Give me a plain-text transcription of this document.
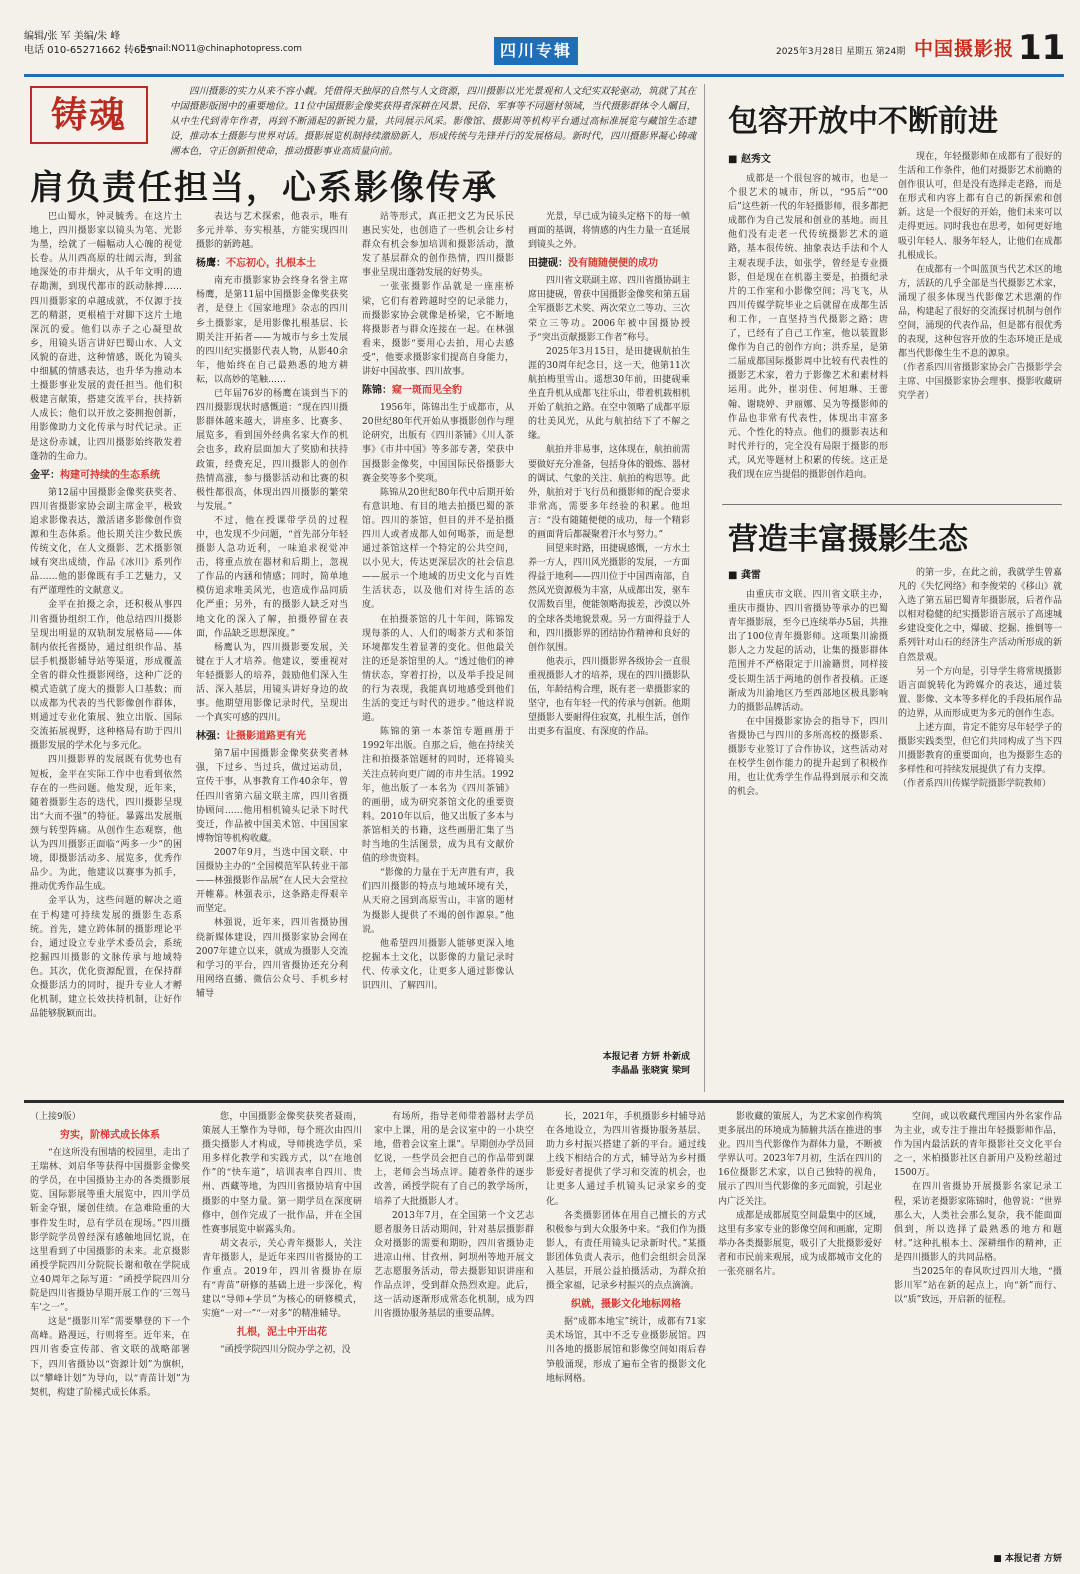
编辑/张 军 美编/朱 峰
电话 010-65271662 转625
E-mail:NO11@chinaphotopress.com	四川专辑	2025年3月28日 星期五 第24期 中国摄影报 11
铸魂
四川摄影的实力从来不容小觑。凭借得天独厚的自然与人文资源，四川摄影以光光景观和人文纪实双轮驱动，筑就了其在中国摄影版图中的重要地位。11位中国摄影金像奖获得者深耕在风景、民俗、军事等不同题材领域，当代摄影群体令人瞩目，从中生代到青年作者，再到不断涌起的新锐力量，共同展示风采。影像馆、摄影周等机构平台通过高标准展览与藏馆生态建设，推动本土摄影与世界对话。摄影展览机制持续激励新人，形成传统与先锋并行的发展格局。新时代，四川摄影界凝心铸魂溯本色，守正创新担使命，推动摄影事业高质量向前。
肩负责任担当，心系影像传承

巴山蜀水，钟灵毓秀。在这片土地上，四川摄影家以镜头为笔、光影为墨，绘就了一幅幅动人心魄的视觉长卷。从川西高原的壮阔云海，到盆地深处的市井烟火，从千年文明的遗存勘测，到现代都市的跃动脉搏……四川摄影家的卓越成就，不仅源于技艺的精湛，更根植于对脚下这片土地深沉的爱。他们以赤子之心凝望故乡，用镜头语言讲好巴蜀山水、人文风貌的奋进，这种情感，既化为镜头中细腻的情感表达，也升华为推动本土摄影事业发展的责任担当。他们积极建言献策，搭建交流平台，扶持新人成长；他们以开放之姿拥抱创新，用影像助力文化传承与时代记录。正是这份赤诚，让四川摄影始终散发着蓬勃的生命力。

金平：构建可持续的生态系统

第12届中国摄影金像奖获奖者、四川省摄影家协会副主席金平，极致追求影像表达，激活诸多影像创作资源和生态体系。他长期关注少数民族传统文化，在人文摄影、艺术摄影领域有突出成绩，作品《冰川》系列作品……他的影像既有手工艺魅力，又有严谨理性的文献意义。

金平在拍摄之余，还积极从事四川省摄协组织工作，他总结四川摄影呈现出明显的双轨制发展格局——体制内依托省摄协，通过组织作品、基层手机摄影辅导站等渠道，形成覆盖全省的群众性摄影网络，这种广泛的模式造就了庞大的摄影人口基数；而以成都为代表的当代影像创作群体，则通过专业化策展、独立出版、国际交流拓展视野，这种格局有助于四川摄影发展的学术化与多元化。

四川摄影界的发展既有优势也有短板，金平在实际工作中也看到依然存在的一些问题。他发现，近年来，随着摄影生态的迭代，四川摄影呈现出“大而不强”的特征。暴露出发展瓶颈与转型阵痛。从创作生态观察，他认为四川摄影正面临“两多一少”的困境，即摄影活动多、展览多，优秀作品少。为此，他建议以赛事为抓手，推动优秀作品生成。

金平认为，这些问题的解决之道在于构建可持续发展的摄影生态系统。首先，建立跨体制的摄影理论平台，通过设立专业学术委员会，系统挖掘四川摄影的文脉传承与地域特色。其次，优化资源配置，在保持群众摄影活力的同时，提升专业人才孵化机制，建立长效扶持机制，让好作品能够脱颖而出。

表达与艺术探索，他表示，唯有多元并举、夯实根基，方能实现四川摄影的新跨越。

杨鹰：不忘初心，扎根本土

南充市摄影家协会终身名誉主席杨鹰，是第11届中国摄影金像奖获奖者，是登上《国家地理》杂志的四川乡土摄影家，是用影像扎根基层、长期关注开拓者——为城市与乡土发展的四川纪实摄影代表人物，从影40余年，他始终在自己最熟悉的地方耕耘，以高妙的笔触……

已年届76岁的杨鹰在谈到当下的四川摄影现状时感慨道：“现在四川摄影群体越来越大，讲座多、比赛多、展览多，看到国外经典名家大作的机会也多，政府层面加大了奖励和扶持政策，经费充足，四川摄影人的创作热情高涨，参与摄影活动和比赛的积极性都很高，体现出四川摄影的繁荣与发展。”

不过，他在授课带学员的过程中，也发现不少问题，“首先部分年轻摄影人急功近利，一味追求视觉冲击，将重点放在器材和后期上，忽视了作品的内涵和情感；同时，简单地模仿追求唯美风光，也造成作品同质化严重；另外，有的摄影人缺乏对当地文化的深入了解，拍摄停留在表面，作品缺乏思想深度。”

杨鹰认为，四川摄影要发展，关键在于人才培养。他建议，要重视对年轻摄影人的培养，鼓励他们深入生活、深入基层，用镜头讲好身边的故事。他期望用影像记录时代，呈现出一个真实可感的四川。

林强：让摄影道路更有光

第7届中国摄影金像奖获奖者林强，下过乡、当过兵，做过运动员，宣传干事，从事教育工作40余年，曾任四川省第六届文联主席，四川省摄协顾问……他用相机镜头记录下时代变迁，作品被中国美术馆、中国国家博物馆等机构收藏。

2007年9月，当选中国文联、中国摄协主办的“全国模范军队转业干部——林强摄影作品展”在人民大会堂拉开帷幕。林强表示，这条路走得艰辛而坚定。

林强说，近年来，四川省摄协围绕新媒体建设，四川摄影家协会网在2007年建立以来，就成为摄影人交流和学习的平台，四川省摄协还充分利用网络直播、微信公众号、手机乡村辅导

站等形式，真正把文艺为民乐民惠民实处，也创造了一些机会让乡村群众有机会参加培训和摄影活动，激发了基层群众的创作热情，四川摄影事业呈现出蓬勃发展的好势头。

一张张摄影作品就是一座座桥梁，它们有着跨越时空的记录能力，而摄影家协会就像是桥梁，它不断地将摄影者与群众连接在一起。在林强看来，摄影“要用心去拍，用心去感受”，他要求摄影家们提高自身能力，讲好中国故事、四川故事。

陈锦：窥一斑而见全豹

1956年，陈锦出生于成都市，从20世纪80年代开始从事摄影创作与理论研究，出版有《四川茶铺》《川人茶事》《市井中国》等多部专著，荣获中国摄影金像奖，中国国际民俗摄影大赛金奖等多个奖项。

陈锦从20世纪80年代中后期开始有意识地、有目的地去拍摄巴蜀的茶馆。四川的茶馆，但目的并不是拍摄四川人或者成都人如何喝茶，而是想通过茶馆这样一个特定的公共空间，以小见大，传达更深层次的社会信息——展示一个地域的历史文化与百姓生活状态，以及他们对待生活的态度。

在拍摄茶馆的几十年间，陈锦发现每茶的人、人们的喝茶方式和茶馆环境都发生着显著的变化。但他最关注的还是茶馆里的人。“透过他们的神情状态，穿着打扮，以及举手投足间的行为表现，我能真切地感受到他们生活的变迁与时代的进步。”他这样说道。

陈锦的第一本茶馆专题画册于1992年出版。自那之后，他在持续关注和拍摄茶馆题材的同时，还将镜头关注点转向更广阔的市井生活。1992年，他出版了一本名为《四川茶铺》的画册，成为研究茶馆文化的重要资料。2010年以后，他又出版了多本与茶馆相关的书籍，这些画册汇集了当时当地的生活图景，成为具有文献价值的珍贵资料。

“影像的力量在于无声胜有声，我们四川摄影的特点与地域环境有关，从天府之国到高原雪山，丰富的题材为摄影人提供了不竭的创作源泉。”他说。

他希望四川摄影人能够更深入地挖掘本土文化，以影像的力量记录时代、传承文化，让更多人通过影像认识四川、了解四川。

光景，早已成为镜头定格下的每一帧画面的基调，将情感的内生力量一直延展到镜头之外。

田捷砚：没有随随便便的成功

四川省文联副主席、四川省摄协副主席田捷砚，曾获中国摄影金像奖和第五届全军摄影艺术奖、两次荣立二等功、三次荣立三等功。2006年被中国摄协授予“突出贡献摄影工作者”称号。

2025年3月15日，是田捷砚航拍生涯的30周年纪念日，这一天，他第11次航拍梅里雪山。遥想30年前，田捷砚乘坐直升机从成都飞往乐山，带着机载相机开始了航拍之路。在空中领略了成都平原的壮美风光，从此与航拍结下了不解之缘。

航拍并非易事，这体现在，航拍前需要做好充分准备，包括身体的锻炼、器材的调试、气象的关注、航拍的构思等。此外，航拍对于飞行员和摄影师的配合要求非常高，需要多年经验的积累。他坦言：“没有随随便便的成功，每一个精彩的画面背后都凝聚着汗水与努力。”

回望来时路，田捷砚感慨，一方水土养一方人，四川风光摄影的发展，一方面得益于地利——四川位于中国西南部，自然风光资源极为丰富，从成都出发，驱车仅需数百里，便能领略海拔差，沙漠以外的全球各类地貌景观。另一方面得益于人和，四川摄影界的团结协作精神和良好的创作氛围。

他表示，四川摄影界各级协会一直很重视摄影人才的培养，现在的四川摄影队伍，年龄结构合理，既有老一辈摄影家的坚守，也有年轻一代的传承与创新。他期望摄影人要耐得住寂寞，扎根生活，创作出更多有温度、有深度的作品。

本报记者 方妍 朴新成
李晶晶 张晓寅 梁珂
包容开放中不断前进
■ 赵秀文

成都是一个很包容的城市，也是一个很艺术的城市，所以，“95后”“00后”这些新一代的年轻摄影师，很多都把成都作为自己发展和创业的基地。而且他们没有走老一代传统摄影艺术的道路，基本很传统、抽象表达手法和个人主观表现手法，如张学，曾经是专业摄影，但是现在在机器主要是，拍摄纪录片的工作室和小影像空间；冯飞飞，从四川传媒学院毕业之后就留在成都生活和工作，一直坚持当代摄影之路；唐了，已经有了自己工作室，他以装置影像作为自己的创作方向；洪乔星，是第二届成都国际摄影周中比较有代表性的摄影艺术家，着力于影像艺术和素材料运用。此外，崔羽佳、何旭琳、王蕾翰、谢晓婷、尹丽娜、吴为等摄影师的作品也非常有代表性，体现出丰富多元、个性化的特点。他们的摄影表达和时代并行的，完全没有局限于摄影的形式，风光等题材上积累的传统。这正是我们现在应当提倡的摄影创作趋向。

现在，年轻摄影师在成都有了很好的生活和工作条件，他们对摄影艺术前瞻的创作很认可，但是没有选择走老路，而是在形式和内容上都有自己的新探索和创新。这是一个很好的开始，他们未来可以走得更远。同时我也在思考，如何更好地吸引年轻人、服务年轻人，让他们在成都扎根成长。

在成都有一个叫蓝顶当代艺术区的地方，活跃的几乎全部是当代摄影艺术家，涌现了很多体现当代影像艺术思潮的作品，构建起了很好的交流探讨机制与创作空间，涌现的代表作品，但是都有很优秀的表现，这种包容开放的生态环境正是成都当代影像生生不息的源泉。

（作者系四川省摄影家协会广告摄影学会主席、中国摄影家协会理事、摄影收藏研究学者）
营造丰富摄影生态
■ 龚雷

由重庆市文联、四川省文联主办，重庆市摄协、四川省摄协等承办的巴蜀青年摄影展，至今已连续举办5届，共推出了100位青年摄影师。这项集川渝摄影人之力发起的活动，让集的摄影群体范围并不严格限定于川渝籍贯，同样接受长期生活于两地的创作者投稿。正逐渐成为川渝地区乃至西部地区极具影响力的摄影品牌活动。

在中国摄影家协会的指导下，四川省摄协已与四川的多所高校的摄影系、摄影专业签订了合作协议，这些活动对在校学生创作能力的提升起到了积极作用，也让优秀学生作品得到展示和交流的机会。

的第一步，在此之前，我就学生曾嘉凡的《失忆网络》和李俊荣的《移山》就入选了第五届巴蜀青年摄影展，后者作品以相对稳健的纪实摄影语言展示了高速城乡建设变化之中，爆破、挖掘、推倒等一系列针对山石的经济生产活动所形成的新自然景观。

另一个方向是，引导学生将常规摄影语言面貌转化为跨媒介的表达，通过装置、影像、文本等多样化的手段拓展作品的边界，从而形成更为多元的创作生态。

上述方面，肯定不能穷尽年轻学子的摄影实践类型，但它们共同构成了当下四川摄影教育的重要面向，也为摄影生态的多样性和可持续发展提供了有力支撑。

（作者系四川传媒学院摄影学院教师）
（上接9版）
穷实，阶梯式成长体系

“在这所没有围墙的校园里，走出了王瑞林、刘启华等获得中国摄影金像奖的学员，在中国摄协主办的各类摄影展览、国际影展等重大展览中，四川学员斩金夺银，屡创佳绩。在急难险重的大事件发生时，总有学员在现场。”四川摄影学院学员曾经深有感触地回忆说，在这里看到了中国摄影的未来。北京摄影函授学院四川分院院长谢和敬在学院成立40周年之际写道：“函授学院四川分院是四川省摄协早期开展工作的‘三驾马车’之一”。

这是“摄影川军”需要攀登的下一个高峰。路漫远，行则将至。近年来，在四川省委宣传部、省文联的战略部署下，四川省摄协以“资源计划”为旗帜，以“攀峰计划”为导向，以“青苗计划”为契机，构建了阶梯式成长体系。

您，中国摄影金像奖获奖者聂雨，策展人王擎作为导师，每个班次由四川摄尖摄影人才构成，导师挑选学员，采用多样化教学和实践方式，以“在地创作”的“快车道”，培训表率自四川、贵州、西藏等地，为四川省摄协培育中国摄影的中坚力量。第一期学员在深度研修中，创作完成了一批作品，并在全国性赛事展览中崭露头角。

胡文表示，关心青年摄影人，关注青年摄影人，是近年来四川省摄协的工作重点。2019年，四川省摄协在原有“青苗”研修的基础上进一步深化，构建以“导师+学员”为核心的研修模式，实施“一对一”“一对多”的精准辅导。

扎根，泥土中开出花

“函授学院四川分院办学之初，没

有场所，指导老师带着器材去学员家中上课，用的是会议室中的一小块空地，借着会议室上课”。早期创办学员回忆说，一些学员会把自己的作品带到课上，老师会当场点评。随着条件的逐步改善，函授学院有了自己的教学场所，培养了大批摄影人才。

2013年7月，在全国第一个文艺志愿者服务日活动期间，针对基层摄影群众对摄影的需要和期盼，四川省摄协走进凉山州、甘孜州、阿坝州等地开展文艺志愿服务活动，带去摄影知识讲座和作品点评，受到群众热烈欢迎。此后，这一活动逐渐形成常态化机制，成为四川省摄协服务基层的重要品牌。

长，2021年，手机摄影乡村辅导站在各地设立，为四川省摄协服务基层、助力乡村振兴搭建了新的平台。通过线上线下相结合的方式，辅导站为乡村摄影爱好者提供了学习和交流的机会，也让更多人通过手机镜头记录家乡的变化。

各类摄影团体在用自己擅长的方式积极参与到大众服务中来。“我们作为摄影人，有责任用镜头记录新时代。”某摄影团体负责人表示，他们会组织会员深入基层，开展公益拍摄活动，为群众拍摄全家福，记录乡村振兴的点点滴滴。

织就，摄影文化地标网格

据“成都本地宝”统计，成都有71家美术场馆，其中不乏专业摄影展馆。四川各地的摄影展馆和影像空间如雨后春笋般涌现，形成了遍布全省的摄影文化地标网格。

影收藏的策展人，为艺术家创作构筑更多展出的环境成为肺腑共活在推进的事业。四川当代影像作为群体力量，不断被学界认可。2023年7月初，生活在四川的16位摄影艺术家，以自己独特的视角，展示了四川当代影像的多元面貌，引起业内广泛关注。

成都是成都展览空间最集中的区域，这里有多家专业的影像空间和画廊，定期举办各类摄影展览，吸引了大批摄影爱好者和市民前来观展，成为成都城市文化的一张亮丽名片。

空间，或以收藏代理国内外名家作品为主业，或专注于推出年轻摄影师作品，作为国内最活跃的青年摄影社交文化平台之一，米柏摄影社区自新用户及粉丝超过1500万。

在四川省摄协开展摄影名家记录工程，采访老摄影家陈锦时，他曾说：“世界那么大，人类社会那么复杂，我不能面面俱到，所以选择了最熟悉的地方和题材。”这种扎根本土、深耕细作的精神，正是四川摄影人的共同品格。

当2025年的春风吹过四川大地，“摄影川军”站在新的起点上，向“新”而行、以“质”致远，开启新的征程。

■ 本报记者 方妍
